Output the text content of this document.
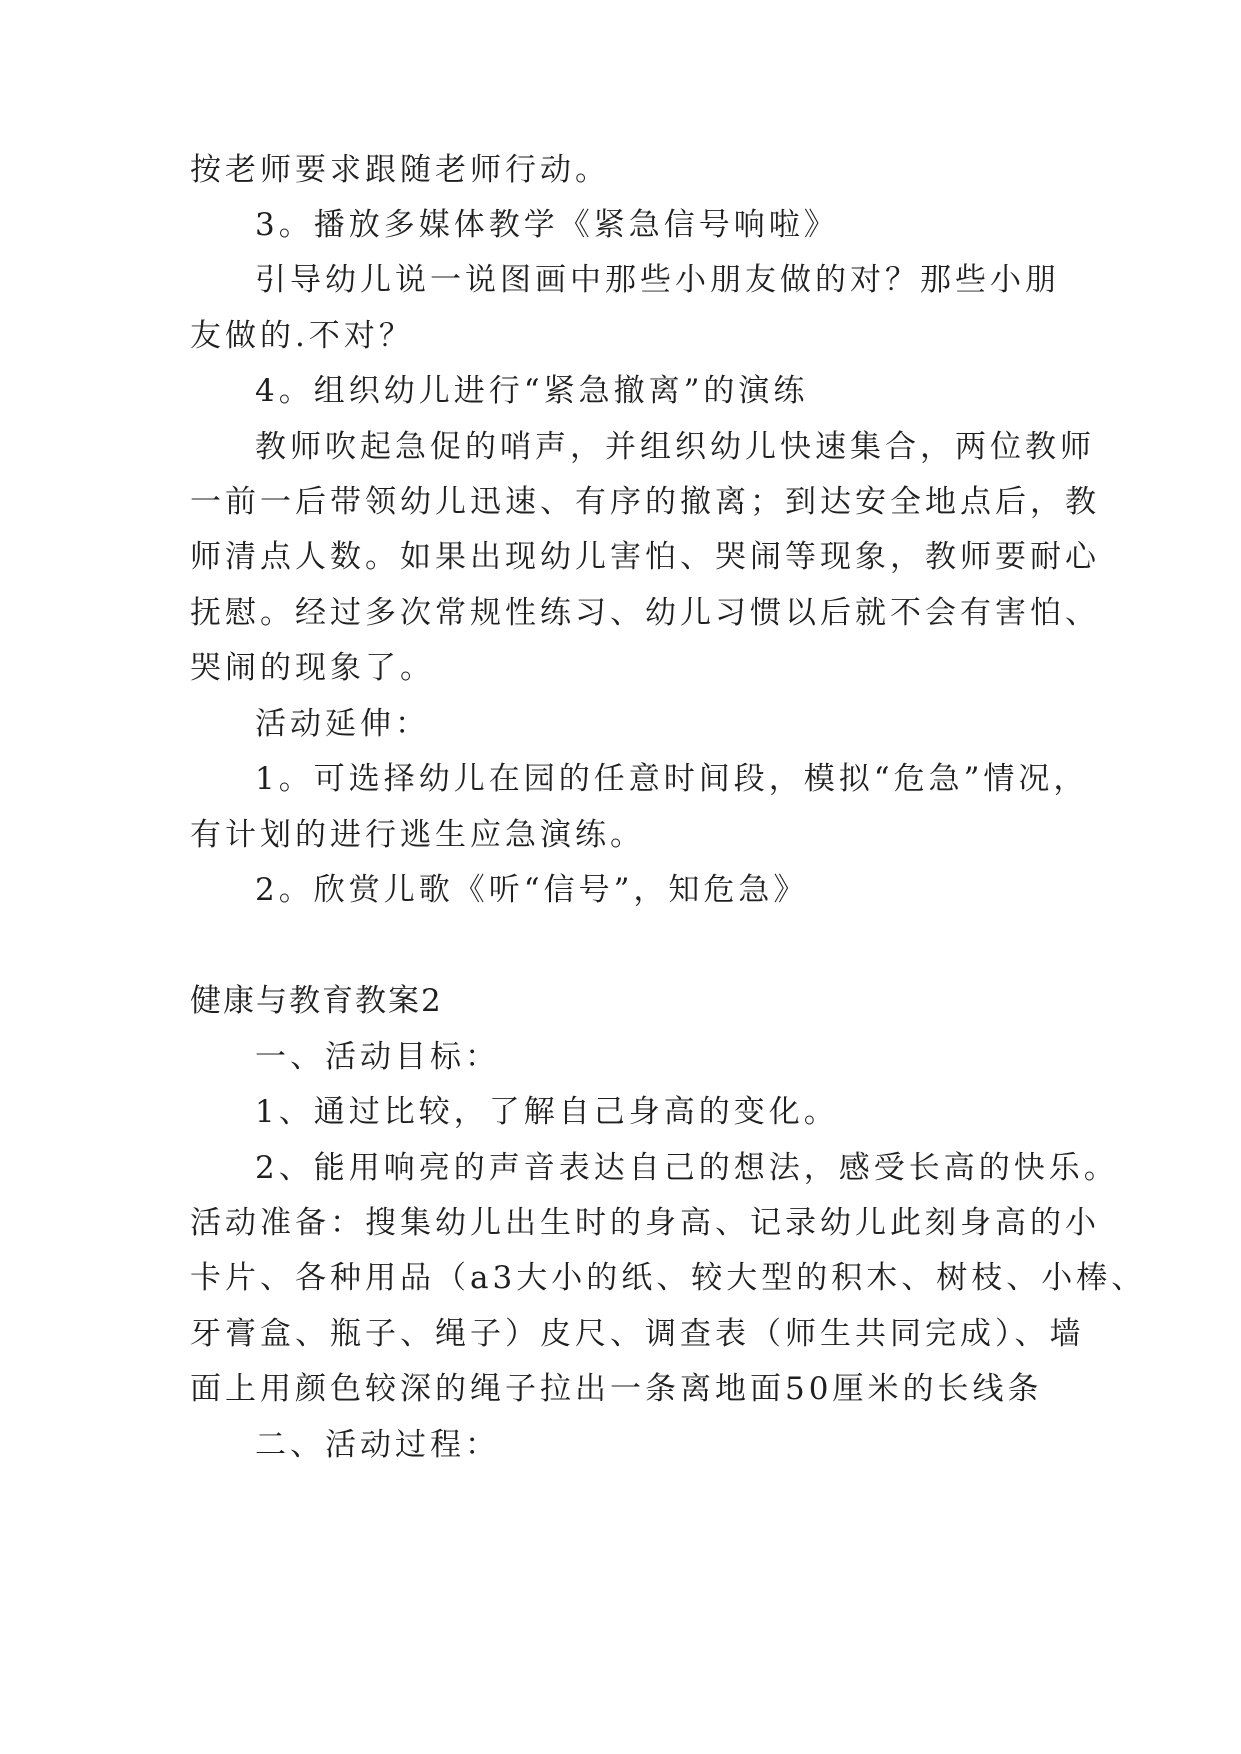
按老师要求跟随老师行动。
3。播放多媒体教学《紧急信号响啦》
引导幼儿说一说图画中那些小朋友做的对？那些小朋
友做的.不对？
4。组织幼儿进行“紧急撤离”的演练
教师吹起急促的哨声，并组织幼儿快速集合，两位教师
一前一后带领幼儿迅速、有序的撤离；到达安全地点后，教
师清点人数。如果出现幼儿害怕、哭闹等现象，教师要耐心
抚慰。经过多次常规性练习、幼儿习惯以后就不会有害怕、
哭闹的现象了。
活动延伸：
1。可选择幼儿在园的任意时间段，模拟“危急”情况，
有计划的进行逃生应急演练。
2。欣赏儿歌《听“信号”，知危急》
健康与教育教案2
一、活动目标：
1、通过比较，了解自己身高的变化。
2、能用响亮的声音表达自己的想法，感受长高的快乐。
活动准备：搜集幼儿出生时的身高、记录幼儿此刻身高的小
卡片、各种用品（a3大小的纸、较大型的积木、树枝、小棒、
牙膏盒、瓶子、绳子）皮尺、调查表（师生共同完成）、墙
面上用颜色较深的绳子拉出一条离地面50厘米的长线条
二、活动过程：
